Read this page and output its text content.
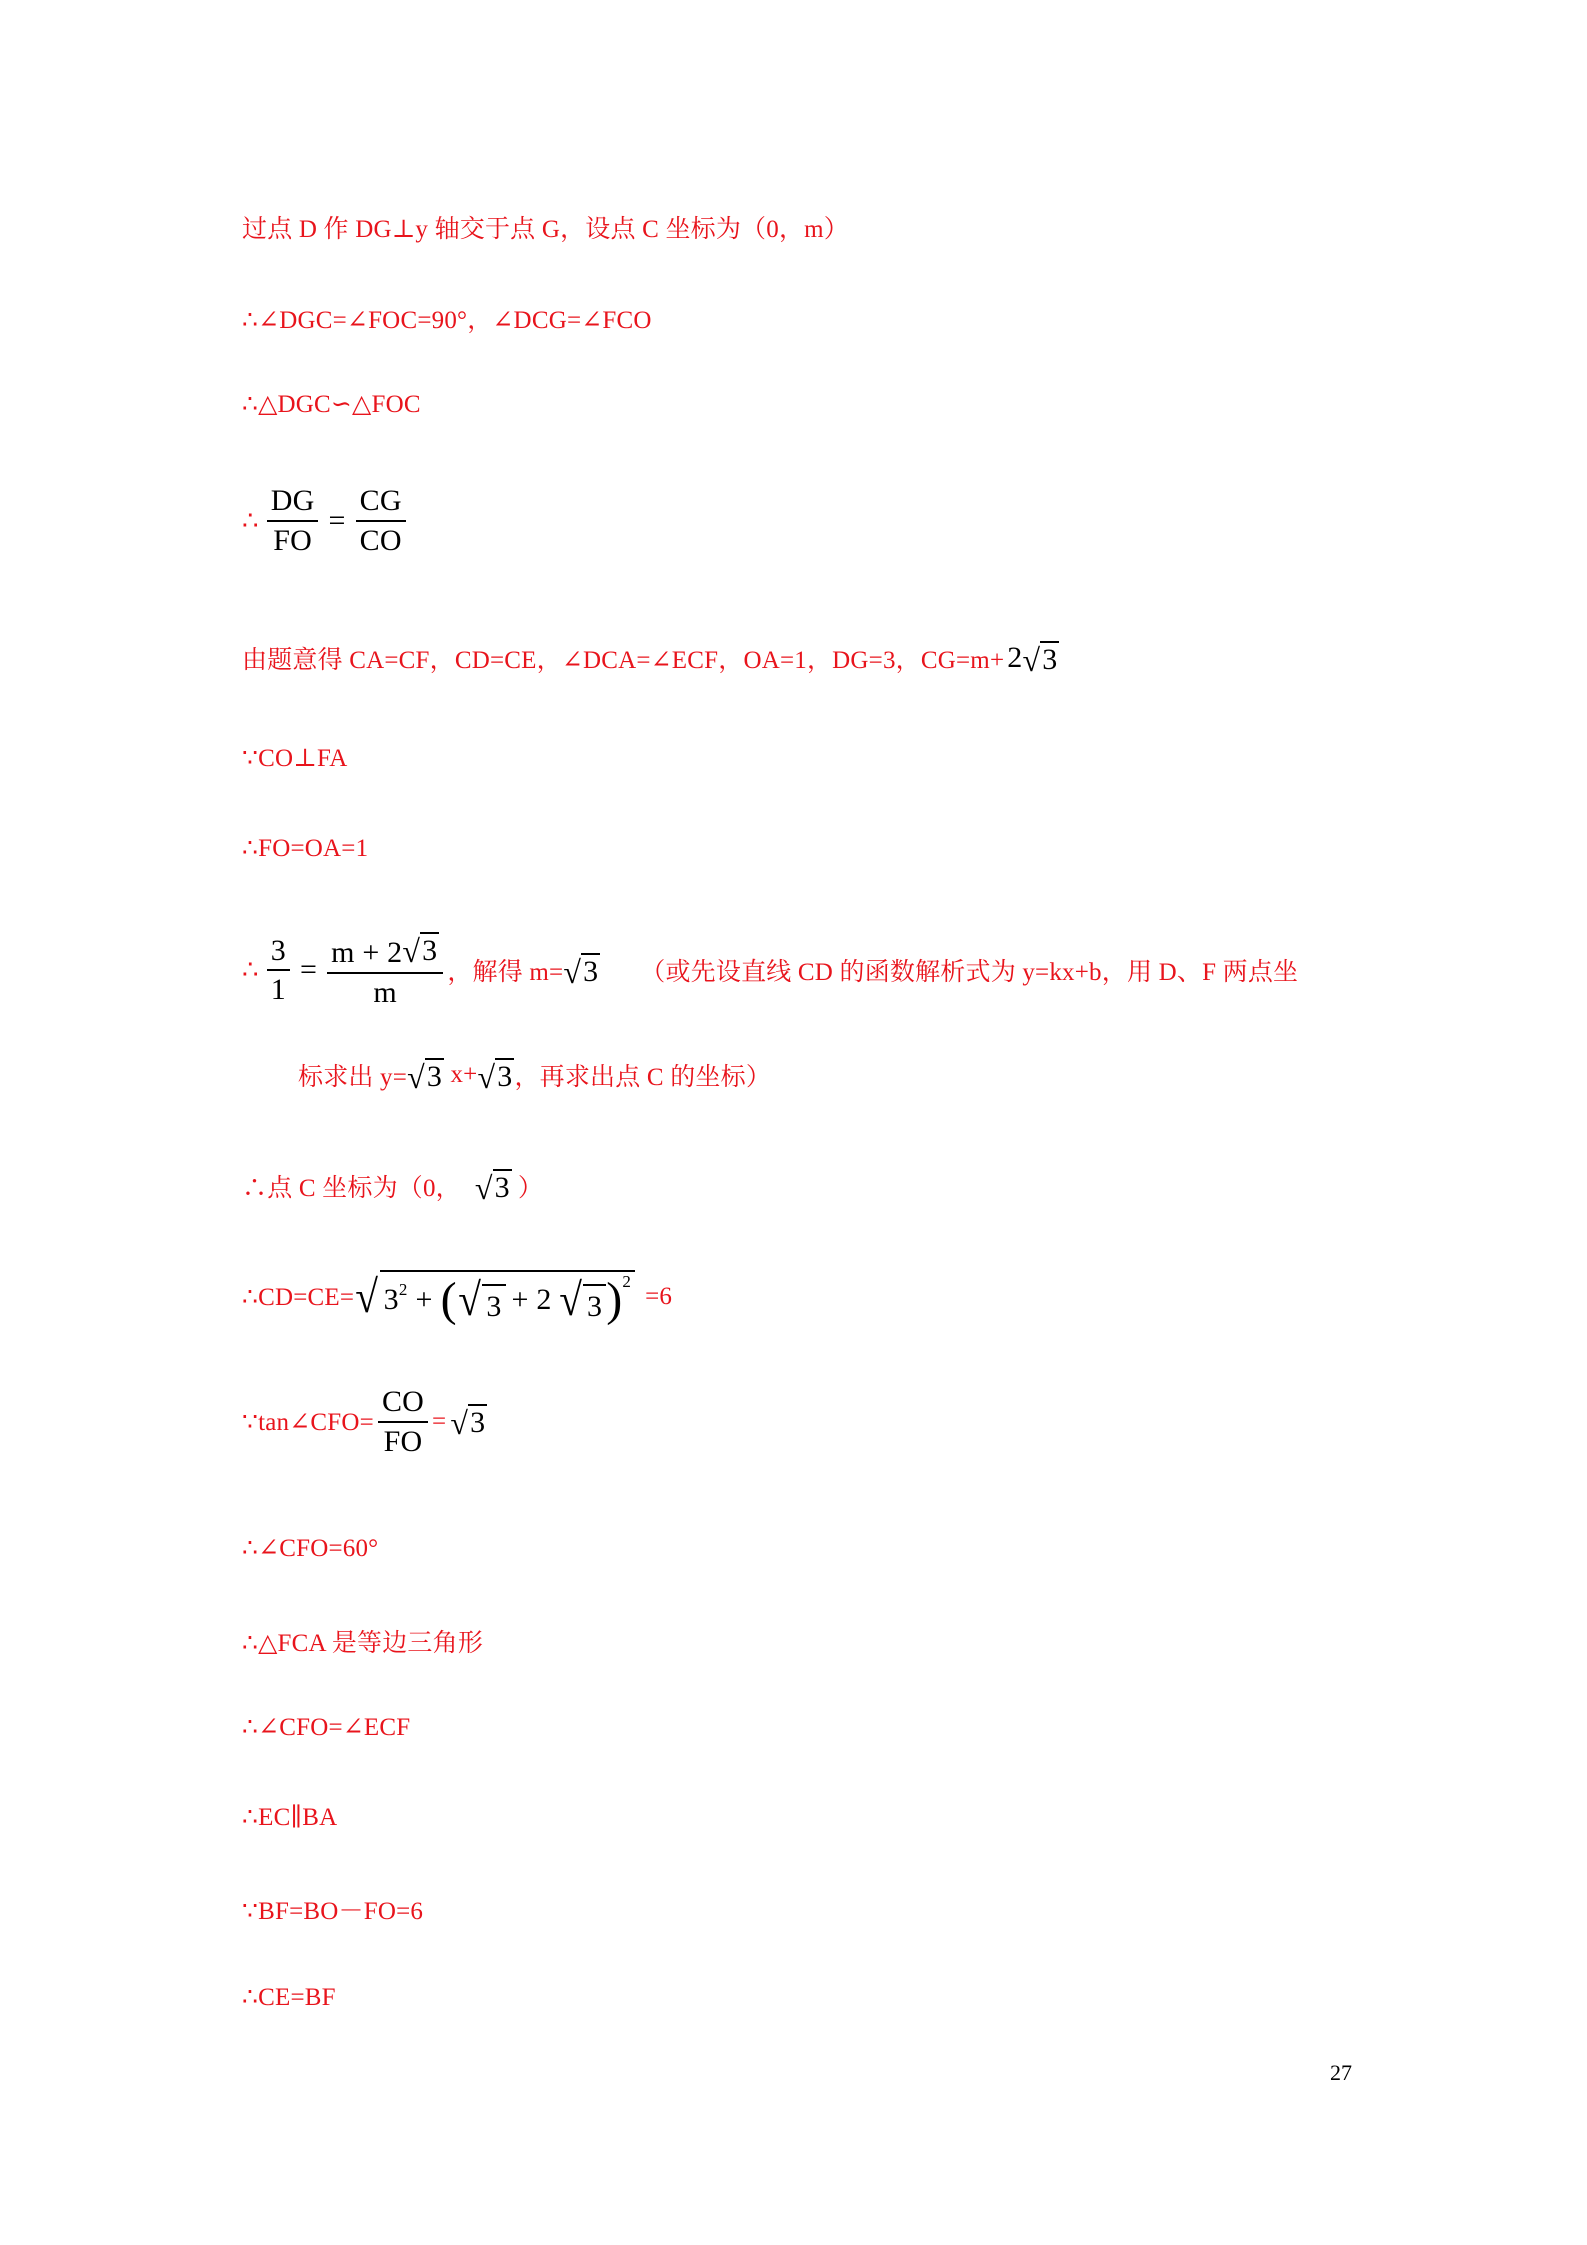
过点 D 作 DG⊥y 轴交于点 G，设点 C 坐标为（0，m）
∴∠DGC=∠FOC=90°，∠DCG=∠FCO
∴△DGC∽△FOC
∴ $\frac{DG}{FO} = \frac{CG}{CO}$
由题意得 CA=CF，CD=CE，∠DCA=∠ECF，OA=1，DG=3，CG=m+ 2 √ 3
∵CO⊥FA
∴FO=OA=1
∴ $\frac{3}{1} = \frac{m + 2 √ 3}{m}$ ，解得 m= √ 3 （或先设直线 CD 的函数解析式为 y=kx+b，用 D、F 两点坐
标求出 y= √ 3 x+ √ 3 ，再求出点 C 的坐标）
∴点 C 坐标为（0， √ 3 ）
∴CD=CE= √ $3^2$ + ( √ 3 + 2 √ 3 )$^2$
=6
∵tan∠CFO= $\frac{CO}{FO}$ = √ 3
∴∠CFO=60°
∴△FCA 是等边三角形
∴∠CFO=∠ECF
∴EC∥BA
∵BF=BO－FO=6
∴CE=BF
27
